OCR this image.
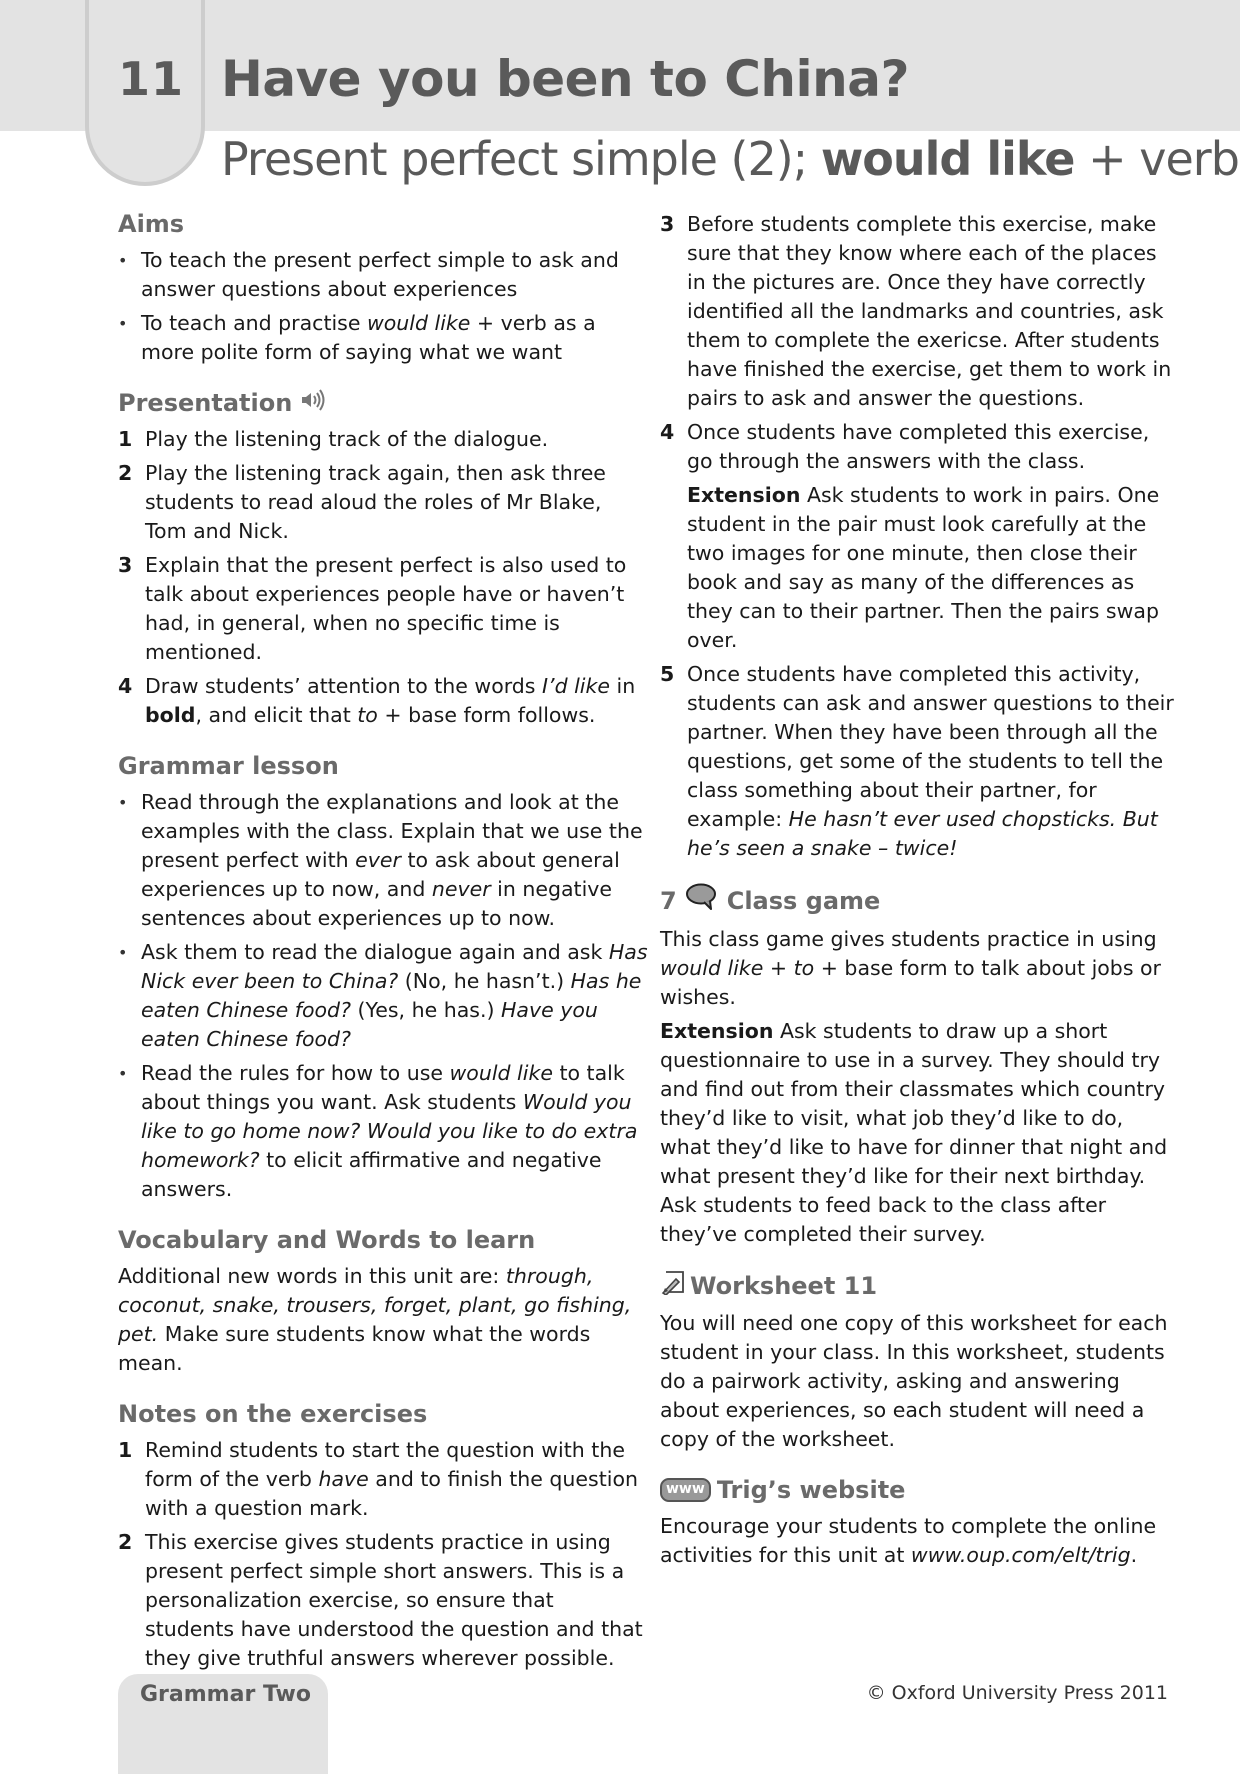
11 Have you been to China?
Present perfect simple (2); would like + verb
Aims
• To teach the present perfect simple to ask and answer questions about experiences
• To teach and practise would like + verb as a more polite form of saying what we want
Presentation
1 Play the listening track of the dialogue.
2 Play the listening track again, then ask three students to read aloud the roles of Mr Blake, Tom and Nick.
3 Explain that the present perfect is also used to talk about experiences people have or haven’t had, in general, when no specific time is mentioned.
4 Draw students’ attention to the words I’d like in bold, and elicit that to + base form follows.
Grammar lesson
• Read through the explanations and look at the examples with the class. Explain that we use the present perfect with ever to ask about general experiences up to now, and never in negative sentences about experiences up to now.
• Ask them to read the dialogue again and ask Has Nick ever been to China? (No, he hasn’t.) Has he eaten Chinese food? (Yes, he has.) Have you eaten Chinese food?
• Read the rules for how to use would like to talk about things you want. Ask students Would you like to go home now? Would you like to do extra homework? to elicit affirmative and negative answers.
Vocabulary and Words to learn

Additional new words in this unit are: through, coconut, snake, trousers, forget, plant, go fishing, pet. Make sure students know what the words mean.

Notes on the exercises
1 Remind students to start the question with the form of the verb have and to finish the question with a question mark.
2 This exercise gives students practice in using present perfect simple short answers. This is a personalization exercise, so ensure that students have understood the question and that they give truthful answers wherever possible.
3 Before students complete this exercise, make sure that they know where each of the places in the pictures are. Once they have correctly identified all the landmarks and countries, ask them to complete the exericse. After students have finished the exercise, get them to work in pairs to ask and answer the questions.
4 Once students have completed this exercise, go through the answers with the class.
Extension Ask students to work in pairs. One student in the pair must look carefully at the two images for one minute, then close their book and say as many of the differences as they can to their partner. Then the pairs swap over.
5 Once students have completed this activity, students can ask and answer questions to their partner. When they have been through all the questions, get some of the students to tell the class something about their partner, for example: He hasn’t ever used chopsticks. But he’s seen a snake – twice!
7 Class game

This class game gives students practice in using would like + to + base form to talk about jobs or wishes.

Extension Ask students to draw up a short questionnaire to use in a survey. They should try and find out from their classmates which country they’d like to visit, what job they’d like to do, what they’d like to have for dinner that night and what present they’d like for their next birthday. Ask students to feed back to the class after they’ve completed their survey.

Worksheet 11

You will need one copy of this worksheet for each student in your class. In this worksheet, students do a pairwork activity, asking and answering about experiences, so each student will need a copy of the worksheet.

www Trig’s website

Encourage your students to complete the online activities for this unit at www.oup.com/elt/trig.

Grammar Two	© Oxford University Press 2011
